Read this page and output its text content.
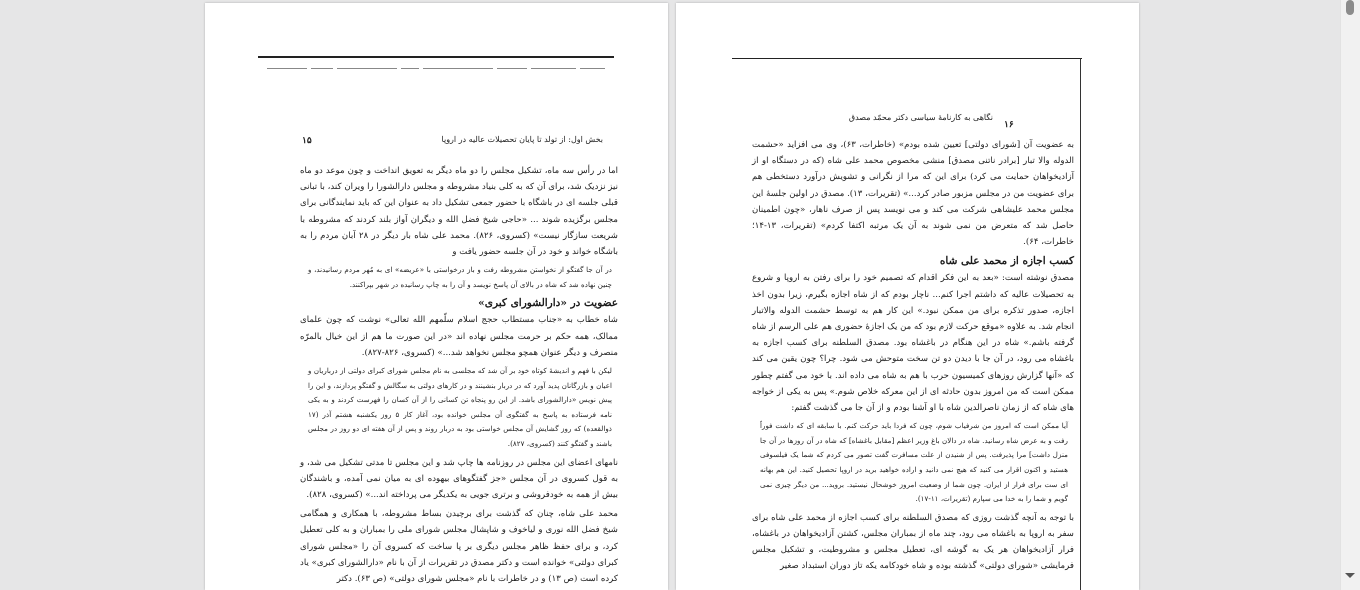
بخش اول: از تولد تا پایان تحصیلات عالیه در اروپا
۱۵

اما در رأس سه ماه، تشکیل مجلس را دو ماه دیگر به تعویق انداخت و چون موعد دو ماه نیز نزدیک شد، برای آن که به کلی بنیاد مشروطه و مجلس دارالشورا را ویران کند، با تبانی قبلی جلسه ای در باشگاه با حضور جمعی تشکیل داد به عنوان این که باید نمایندگانی برای مجلس برگزیده شوند ... «حاجی شیخ فضل الله و دیگران آواز بلند کردند که مشروطه با شریعت سازگار نیست» (کسروی، ۸۲۶). محمد علی شاه بار دیگر در ۲۸ آبان مردم را به باشگاه خواند و خود در آن جلسه حضور یافت و

در آن جا گفتگو از نخواستن مشروطه رفت و باز درخواستی با «عریضه» ای به مُهر مردم رسانیدند، و چنین نهاده شد که شاه در بالای آن پاسخ نویسد و آن را به چاپ رسانیده در شهر بپراکنند.

عضویت در «دارالشورای کبری»

شاه خطاب به «جناب مستطاب حجج اسلام سلّمهم الله تعالی» نوشت که چون علمای ممالک، همه حکم بر حرمت مجلس نهاده اند «در این صورت ما هم از این خیال بالمرّه منصرف و دیگر عنوان همچو مجلس نخواهد شد...» (کسروی، ۸۲۶-۸۲۷).

لیکن با فهم و اندیشهٔ کوتاه خود بر آن شد که مجلسی به نام مجلس شورای کبرای دولتی از درباریان و اعیان و بازرگانان پدید آورد که در دربار بنشینند و در کارهای دولتی به سگالش و گفتگو پردازند، و این را پیش نویس «دارالشورای باشد. از این رو پنجاه تن کسانی را از آن کسان را فهرست کردند و به یکی نامه فرستاده به پاسخ به گفتگوی آن مجلس خوانده بود، آغاز کار ۵ روز یکشنبه هشتم آذر (۱۷ ذوالقعده) که روز گشایش آن مجلس خواستی بود به دربار روند و پس از آن هفته ای دو روز در مجلس باشند و گفتگو کنند (کسروی، ۸۲۷).

نامهای اعضای این مجلس در روزنامه ها چاپ شد و این مجلس تا مدتی تشکیل می شد، و به قول کسروی در آن مجلس «جز گفتگوهای بیهوده ای به میان نمی آمده، و باشندگان بیش از همه به خودفروشی و برتری جویی به یکدیگر می پرداخته اند...» (کسروی، ۸۲۸).

محمد علی شاه، چنان که گذشت برای برچیدن بساط مشروطه، با همکاری و همگامی شیخ فضل الله نوری و لیاخوف و شاپشال مجلس شورای ملی را بمباران و به کلی تعطیل کرد، و برای حفظ ظاهر مجلس دیگری بر پا ساخت که کسروی آن را «مجلس شورای کبرای دولتی» خوانده است و دکتر مصدق در تقریرات از آن با نام «دارالشورای کبری» یاد کرده است (ص ۱۳) و در خاطرات با نام «مجلس شورای دولتی» (ص ۶۳). دکتر

نگاهی به کارنامهٔ سیاسی دکتر محمّد مصدق
۱۶

به عضویت آن [شورای دولتی] تعیین شده بودم» (خاطرات، ۶۳)، وی می افزاید «حشمت الدوله والا تبار [برادر ناتنی مصدق] منشی مخصوص محمد علی شاه (که در دستگاه او از آزادیخواهان حمایت می کرد) برای این که مرا از نگرانی و تشویش درآورد دستخطی هم برای عضویت من در مجلس مزبور صادر کرد...» (تقریرات، ۱۳). مصدق در اولین جلسهٔ این مجلس محمد علیشاهی شرکت می کند و می نویسد پس از صرف ناهار، «چون اطمینان حاصل شد که متعرض من نمی شوند به آن یک مرتبه اکتفا کردم» (تقریرات، ۱۳-۱۴؛ خاطرات، ۶۴).

کسب اجازه از محمد علی شاه

مصدق نوشته است: «بعد به این فکر اقدام که تصمیم خود را برای رفتن به اروپا و شروع به تحصیلات عالیه که داشتم اجرا کنم... ناچار بودم که از شاه اجازه بگیرم، زیرا بدون اخذ اجازه، صدور تذکره برای من ممکن نبود.» این کار هم به توسط حشمت الدوله والاتبار انجام شد. به علاوه «موقع حرکت لازم بود که من یک اجازهٔ حضوری هم علی الرسم از شاه گرفته باشم.» شاه در این هنگام در باغشاه بود. مصدق السلطنه برای کسب اجازه به باغشاه می رود، در آن جا با دیدن دو تن سخت متوحش می شود. چرا؟ چون یقین می کند که «آنها گزارش روزهای کمیسیون حرب با هم به شاه می داده اند. با خود می گفتم چطور ممکن است که من امروز بدون حادثه ای از این معرکه خلاص شوم.» پس به یکی از خواجه های شاه که از زمان ناصرالدین شاه با او آشنا بودم و از آن جا می گذشت گفتم:

آیا ممکن است که امروز من شرفیاب شوم، چون که فردا باید حرکت کنم. با سابقه ای که داشت فوراً رفت و به عرض شاه رسانید. شاه در دالان باغ وزیر اعظم [مقابل باغشاه] که شاه در آن روزها در آن جا منزل داشت] مرا پذیرفت. پس از شنیدن از علت مسافرت گفت تصور می کردم که شما یک فیلسوفی هستید و اکنون اقرار می کنید که هیچ نمی دانید و اراده خواهید برید در اروپا تحصیل کنید. این هم بهانه ای ست برای فرار از ایران. چون شما از وضعیت امروز خوشحال نیستید. بروید... من دیگر چیزی نمی گویم و شما را به خدا می سپارم (تقریرات، ۱۱-۱۷).

با توجه به آنچه گذشت روزی که مصدق السلطنه برای کسب اجازه از محمد علی شاه برای سفر به اروپا به باغشاه می رود، چند ماه از بمباران مجلس، کشتن آزادیخواهان در باغشاه، فرار آزادیخواهان هر یک به گوشه ای، تعطیل مجلس و مشروطیت، و تشکیل مجلس فرمایشی «شورای دولتی» گذشته بوده و شاه خودکامه یکه تاز دوران استبداد صغیر
